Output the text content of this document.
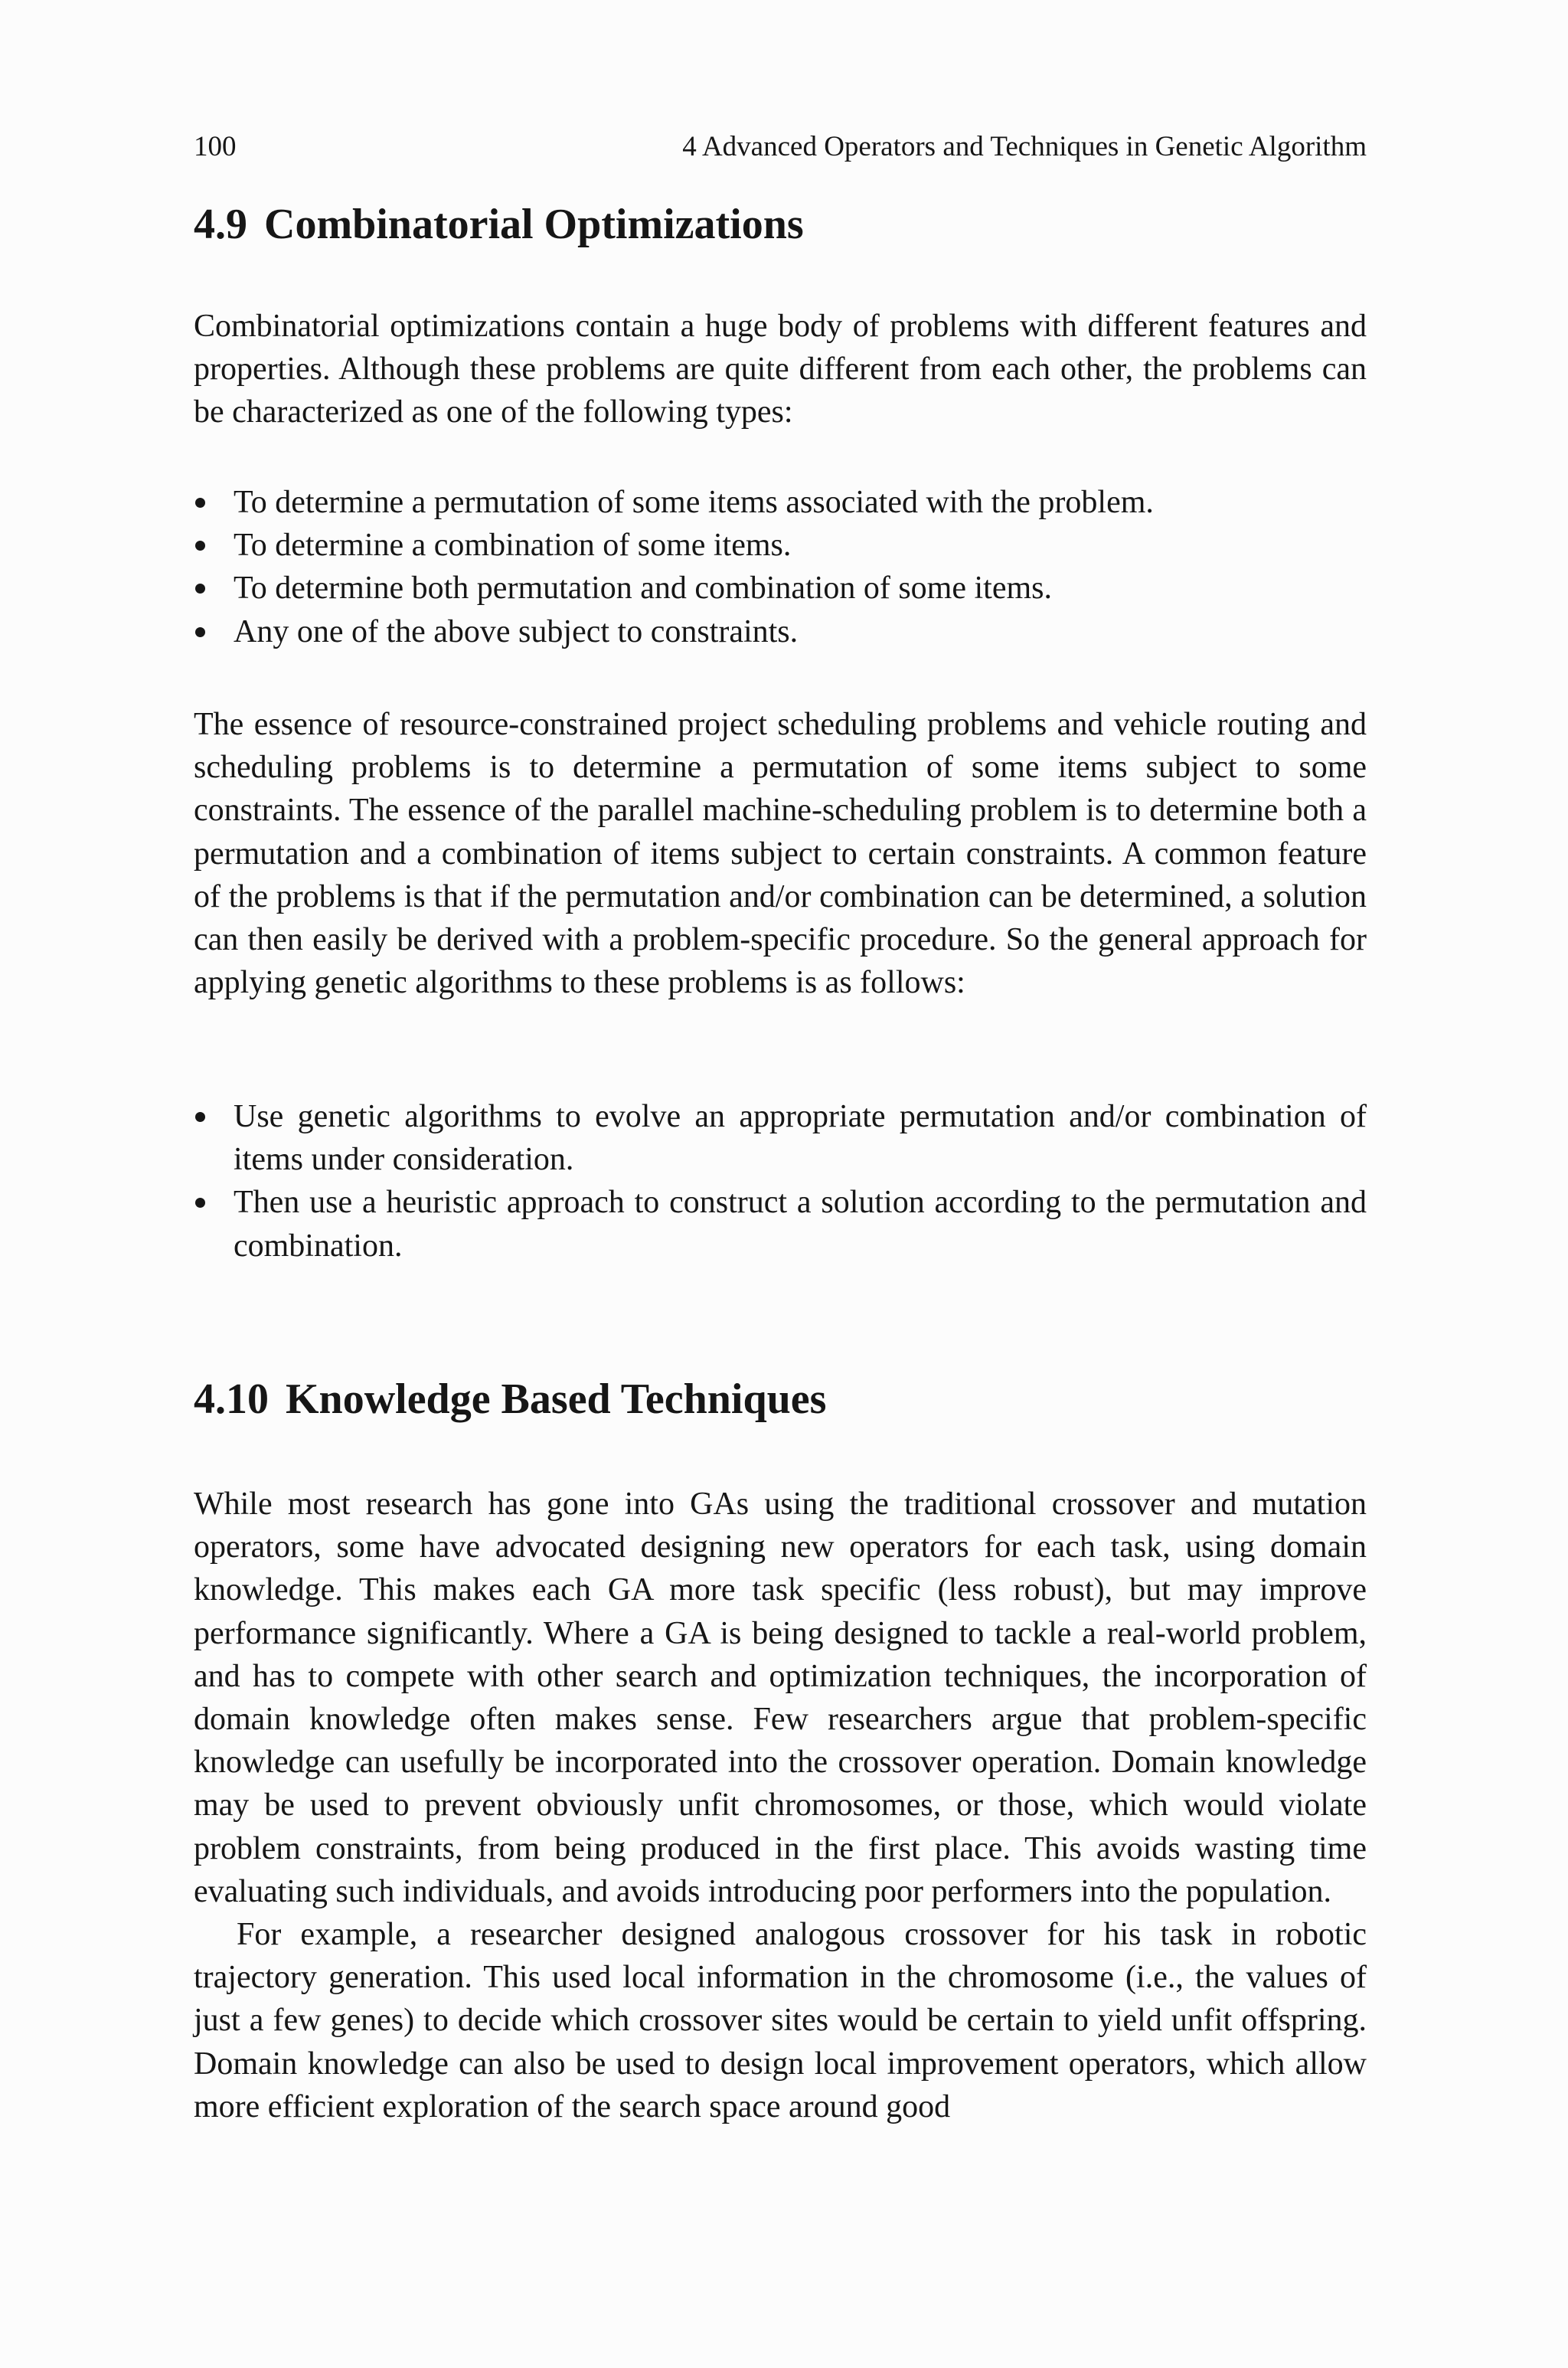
100	4 Advanced Operators and Techniques in Genetic Algorithm
4.9 Combinatorial Optimizations

Combinatorial optimizations contain a huge body of problems with different features and properties. Although these problems are quite different from each other, the problems can be characterized as one of the following types:

To determine a permutation of some items associated with the problem.
To determine a combination of some items.
To determine both permutation and combination of some items.
Any one of the above subject to constraints.

The essence of resource-constrained project scheduling problems and vehicle routing and scheduling problems is to determine a permutation of some items subject to some constraints. The essence of the parallel machine-scheduling problem is to determine both a permutation and a combination of items subject to certain constraints. A common feature of the problems is that if the permutation and/or combination can be determined, a solution can then easily be derived with a problem-specific procedure. So the general approach for applying genetic algorithms to these problems is as follows:

Use genetic algorithms to evolve an appropriate permutation and/or combination of items under consideration.
Then use a heuristic approach to construct a solution according to the permutation and combination.
4.10 Knowledge Based Techniques

While most research has gone into GAs using the traditional crossover and mutation operators, some have advocated designing new operators for each task, using domain knowledge. This makes each GA more task specific (less robust), but may improve performance significantly. Where a GA is being designed to tackle a real-world problem, and has to compete with other search and optimization techniques, the incorporation of domain knowledge often makes sense. Few researchers argue that problem-specific knowledge can usefully be incorporated into the crossover operation. Domain knowledge may be used to prevent obviously unfit chromosomes, or those, which would violate problem constraints, from being produced in the first place. This avoids wasting time evaluating such individuals, and avoids introducing poor performers into the population.

For example, a researcher designed analogous crossover for his task in robotic trajectory generation. This used local information in the chromosome (i.e., the values of just a few genes) to decide which crossover sites would be certain to yield unfit offspring. Domain knowledge can also be used to design local improvement operators, which allow more efficient exploration of the search space around good
